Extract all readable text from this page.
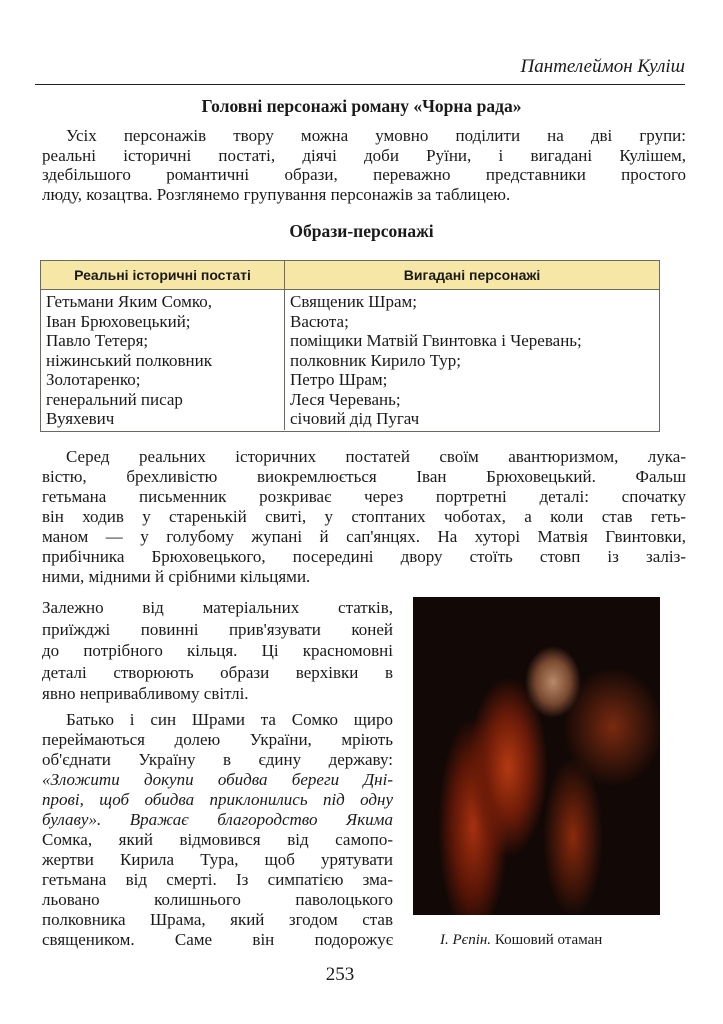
Пантелеймон Куліш
Головні персонажі роману «Чорна рада»
Усіх персонажів твору можна умовно поділити на дві групи:
реальні історичні постаті, діячі доби Руїни, і вигадані Кулішем,
здебільшого романтичні образи, переважно представники простого
люду, козацтва. Розглянемо групування персонажів за таблицею.
Образи-персонажі
Реальні історичні постаті	Вигадані персонажі
Гетьмани Яким Сомко,
Іван Брюховецький;
Павло Тетеря;
ніжинський полковник
Золотаренко;
генеральний писар
Вуяхевич
Священик Шрам;
Васюта;
поміщики Матвій Гвинтовка і Черевань;
полковник Кирило Тур;
Петро Шрам;
Леся Черевань;
січовий дід Пугач
Серед реальних історичних постатей своїм авантюризмом, лука-
вістю, брехливістю виокремлюється Іван Брюховецький. Фальш
гетьмана письменник розкриває через портретні деталі: спочатку
він ходив у старенькій свиті, у стоптаних чоботах, а коли став геть-
маном — у голубому жупані й сап'янцях. На хуторі Матвія Гвинтовки,
прибічника Брюховецького, посередині двору стоїть стовп із заліз-
ними, мідними й срібними кільцями.
Залежно від матеріальних статків,
приїжджі повинні прив'язувати коней
до потрібного кільця. Ці красномовні
деталі створюють образи верхівки в
явно непривабливому світлі.
Батько і син Шрами та Сомко щиро
переймаються долею України, мріють
об'єднати Україну в єдину державу:
«Зложити докупи обидва береги Дні-
прові, щоб обидва приклонились під одну
булаву». Вражає благородство Якима
Сомка, який відмовився від самопо-
жертви Кирила Тура, щоб урятувати
гетьмана від смерті. Із симпатією зма-
льовано колишнього паволоцького
полковника Шрама, який згодом став
священиком. Саме він подорожує	І. Рєпін. Кошовий отаман
253
